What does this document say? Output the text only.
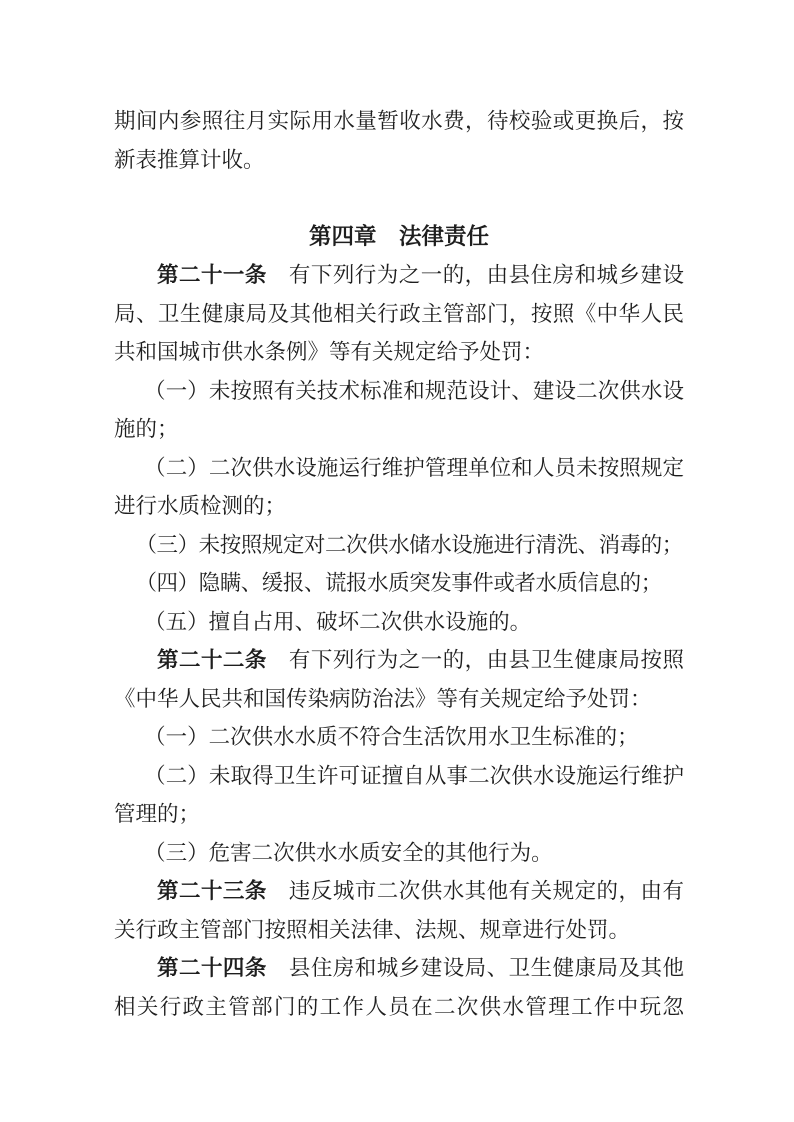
期间内参照往月实际用水量暂收水费，待校验或更换后，按
新表推算计收。
第四章　法律责任
第二十一条　有下列行为之一的，由县住房和城乡建设
局、卫生健康局及其他相关行政主管部门，按照《中华人民
共和国城市供水条例》等有关规定给予处罚：
（一）未按照有关技术标准和规范设计、建设二次供水设
施的；
（二）二次供水设施运行维护管理单位和人员未按照规定
进行水质检测的；
（三）未按照规定对二次供水储水设施进行清洗、消毒的；
（四）隐瞒、缓报、谎报水质突发事件或者水质信息的；
（五）擅自占用、破坏二次供水设施的。
第二十二条　有下列行为之一的，由县卫生健康局按照
《中华人民共和国传染病防治法》等有关规定给予处罚：
（一）二次供水水质不符合生活饮用水卫生标准的；
（二）未取得卫生许可证擅自从事二次供水设施运行维护
管理的；
（三）危害二次供水水质安全的其他行为。
第二十三条　违反城市二次供水其他有关规定的，由有
关行政主管部门按照相关法律、法规、规章进行处罚。
第二十四条　县住房和城乡建设局、卫生健康局及其他
相关行政主管部门的工作人员在二次供水管理工作中玩忽
